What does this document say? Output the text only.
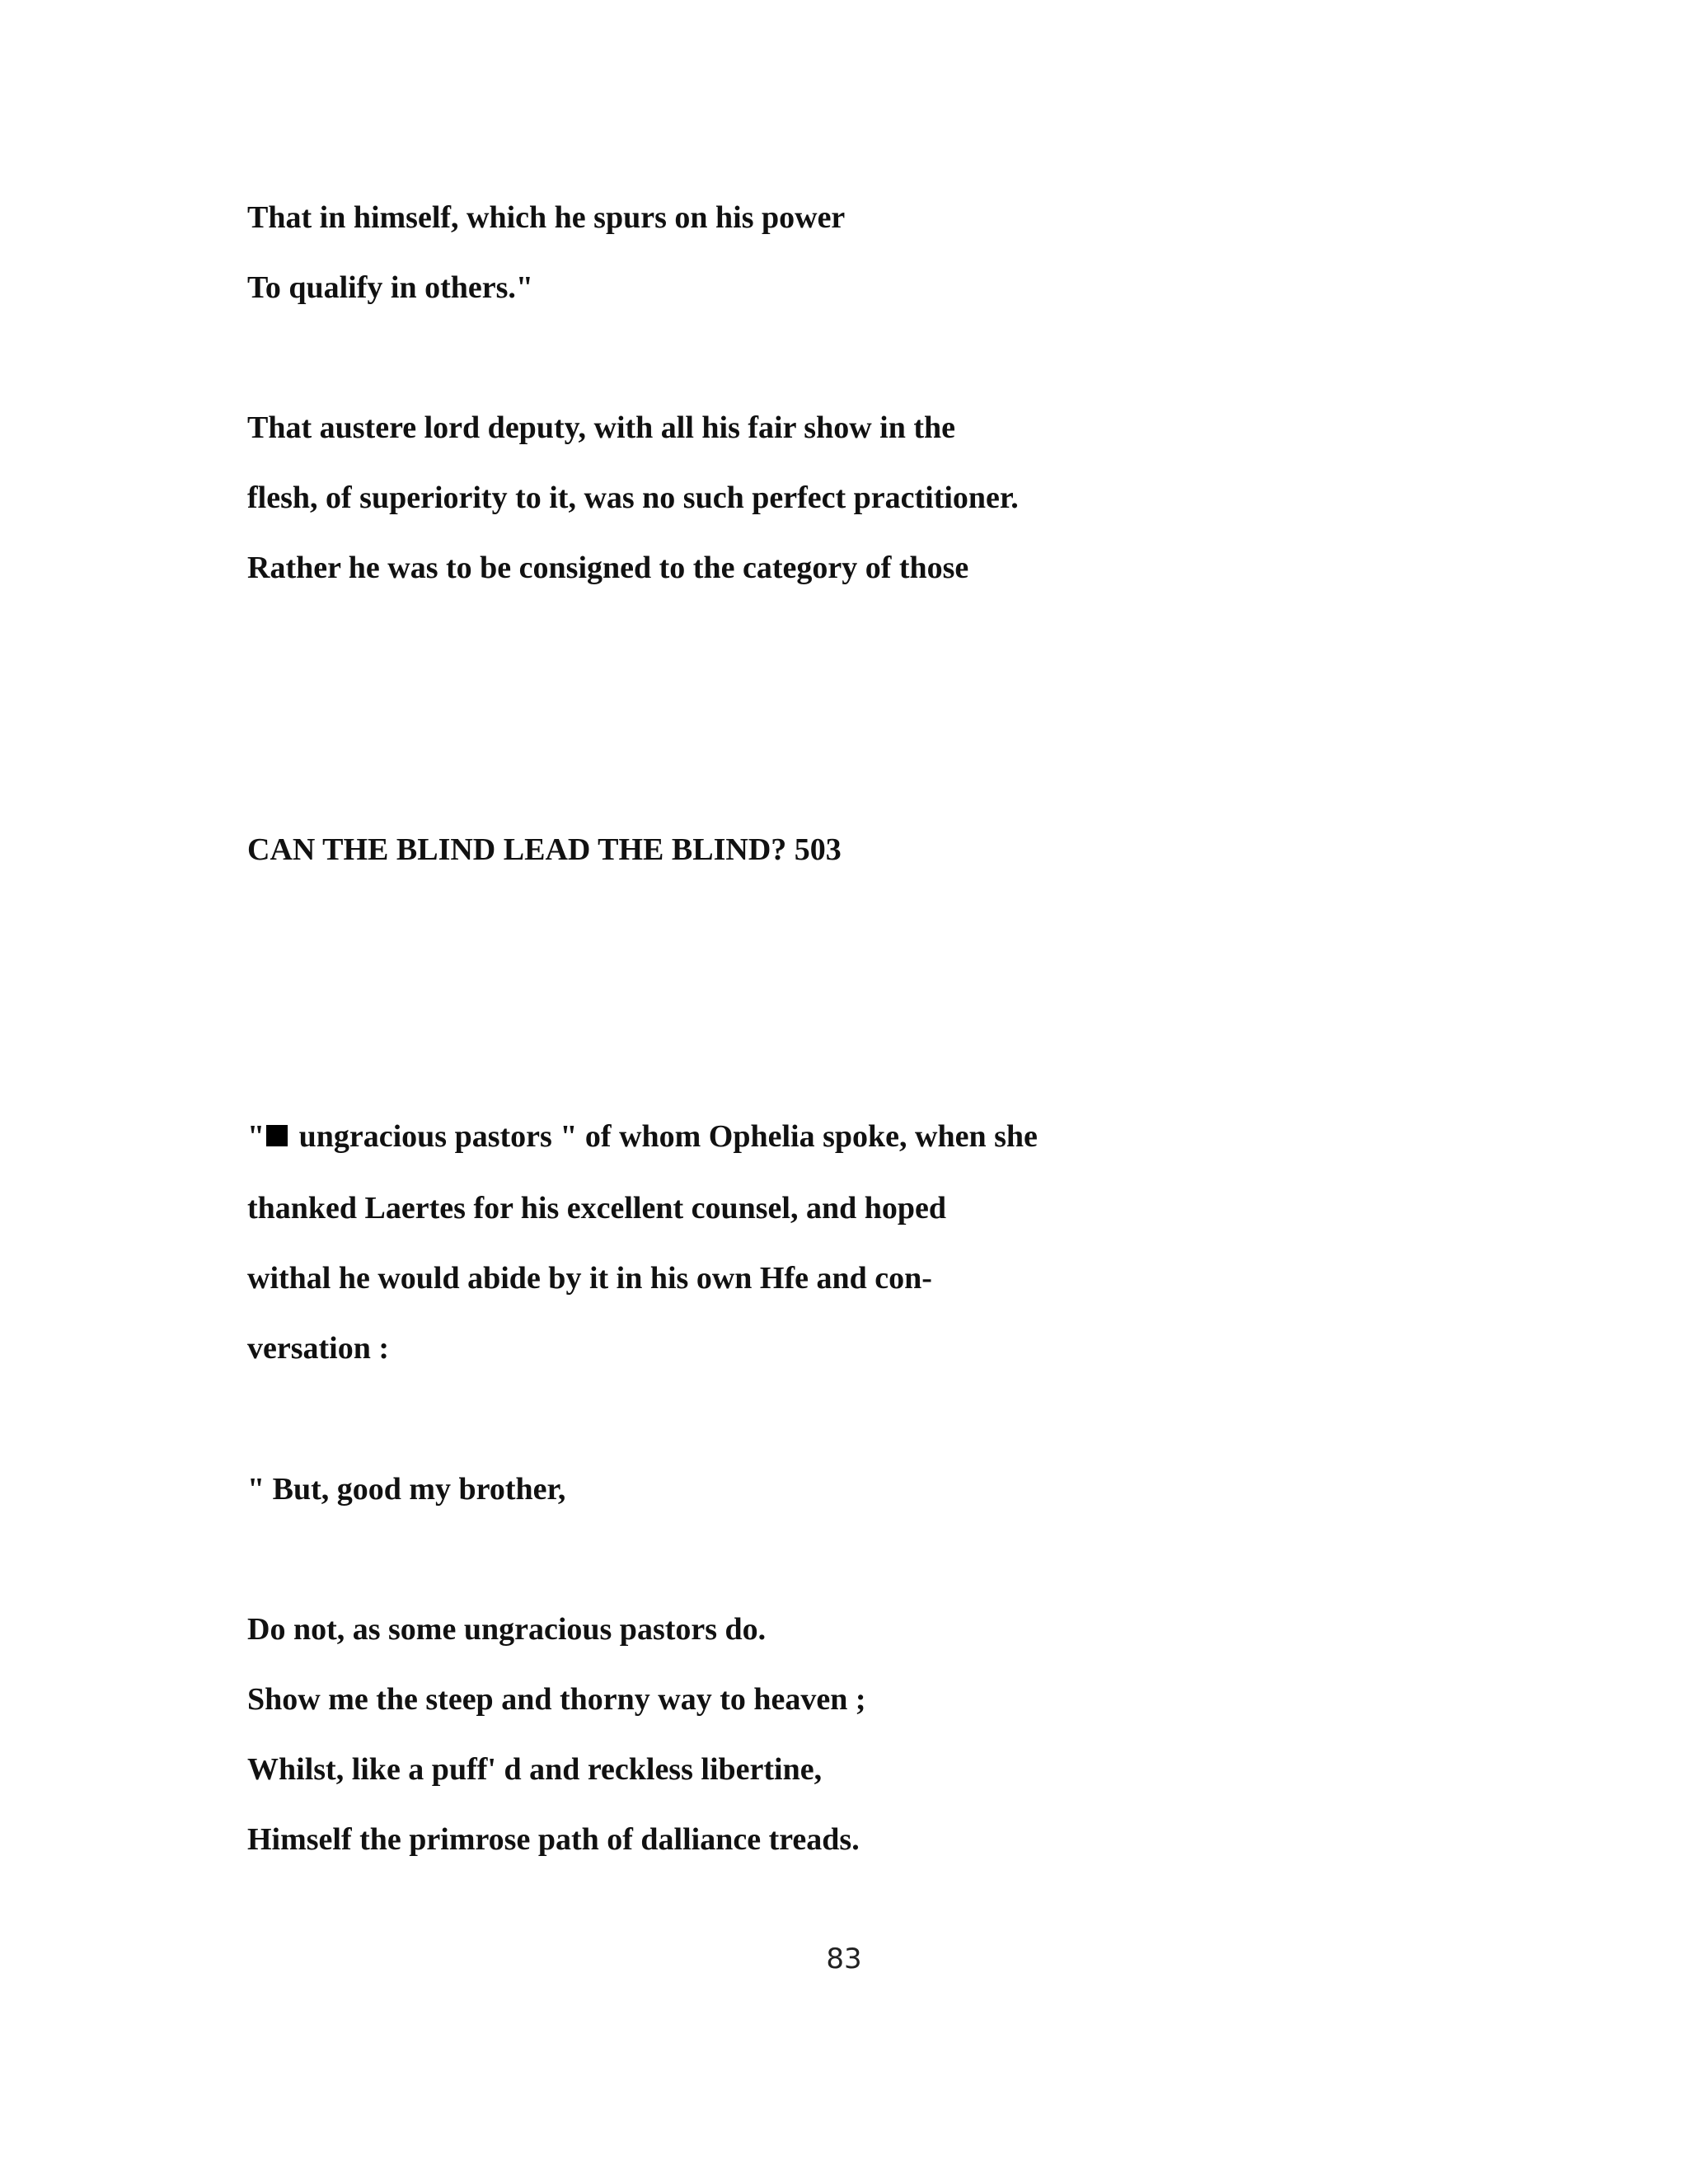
That in himself, which he spurs on his power

To qualify in others."

That austere lord deputy, with all his fair show in the

flesh, of superiority to it, was no such perfect practitioner.

Rather he was to be consigned to the category of those

CAN THE BLIND LEAD THE BLIND? 503

" ungracious pastors " of whom Ophelia spoke, when she

thanked Laertes for his excellent counsel, and hoped

withal he would abide by it in his own Hfe and con-

versation :

" But, good my brother,

Do not, as some ungracious pastors do.

Show me the steep and thorny way to heaven ;

Whilst, like a puff' d and reckless libertine,

Himself the primrose path of dalliance treads.

83
